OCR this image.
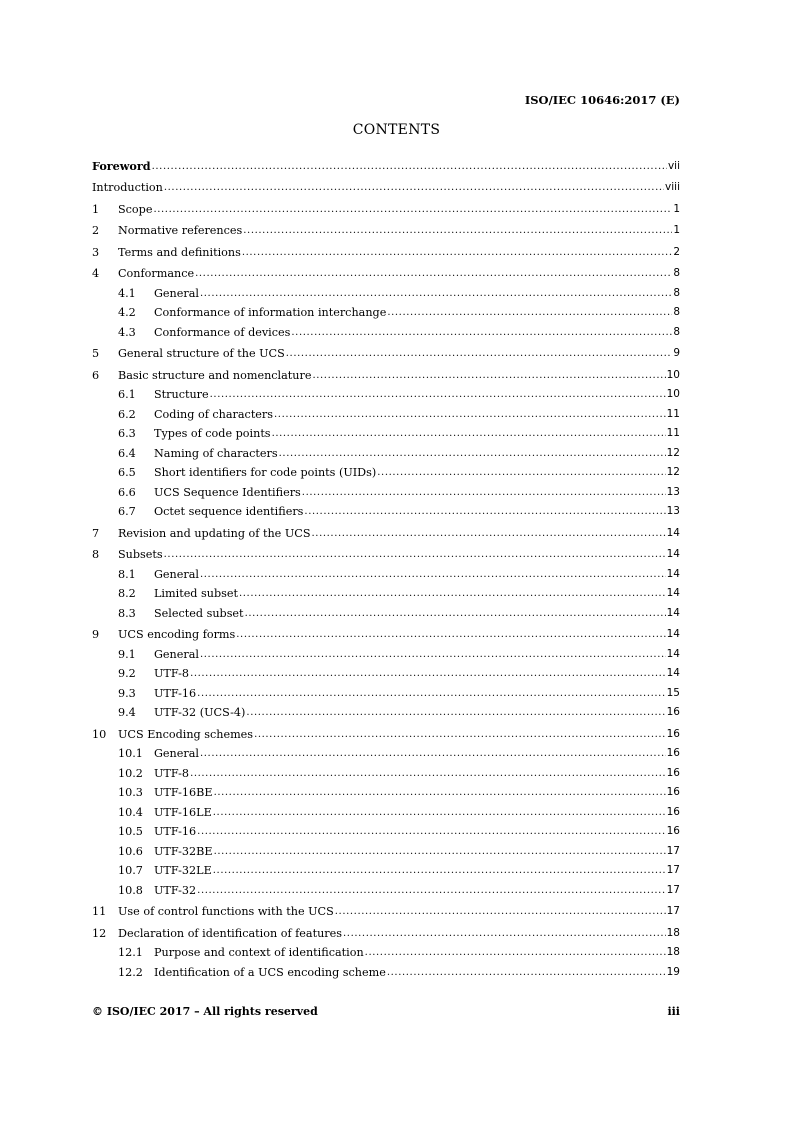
ISO/IEC 10646:2017 (E)
CONTENTS
Foreword .....	vii
Introduction .....	viii
1	Scope .....	1
2	Normative references .....	1
3	Terms and definitions .....	2
4	Conformance .....	8
4.1	General .....	8
4.2	Conformance of information interchange .....	8
4.3	Conformance of devices .....	8
5	General structure of the UCS .....	9
6	Basic structure and nomenclature .....	10
6.1	Structure .....	10
6.2	Coding of characters .....	11
6.3	Types of code points .....	11
6.4	Naming of characters .....	12
6.5	Short identifiers for code points (UIDs) .....	12
6.6	UCS Sequence Identifiers .....	13
6.7	Octet sequence identifiers .....	13
7	Revision and updating of the UCS .....	14
8	Subsets .....	14
8.1	General .....	14
8.2	Limited subset .....	14
8.3	Selected subset .....	14
9	UCS encoding forms .....	14
9.1	General .....	14
9.2	UTF-8 .....	14
9.3	UTF-16 .....	15
9.4	UTF-32 (UCS-4) .....	16
10	UCS Encoding schemes .....	16
10.1 General .....	16
10.2 UTF-8 .....	16
10.3 UTF-16BE .....	16
10.4 UTF-16LE .....	16
10.5 UTF-16 .....	16
10.6 UTF-32BE .....	17
10.7 UTF-32LE .....	17
10.8 UTF-32 .....	17
11	Use of control functions with the UCS .....	17
12	Declaration of identification of features .....	18
12.1 Purpose and context of identification .....	18
12.2 Identification of a UCS encoding scheme .....	19
© ISO/IEC 2017 – All rights reserved	iii
